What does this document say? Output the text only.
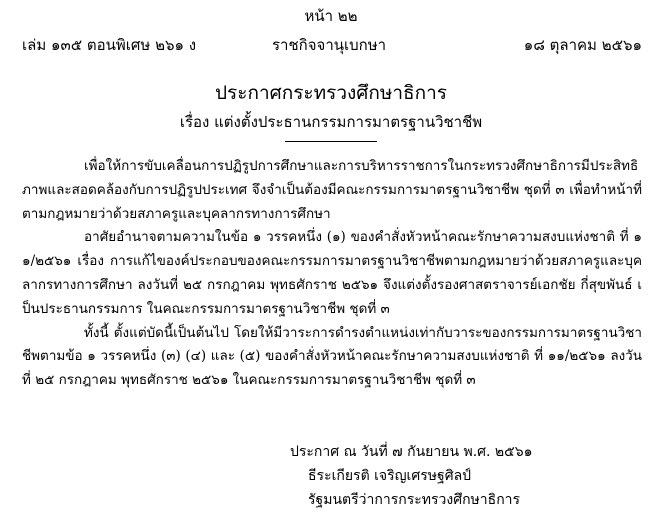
หน้า ๒๒
เล่ม ๑๓๕ ตอนพิเศษ ๒๖๑ ง	ราชกิจจานุเบกษา	๑๘ ตุลาคม ๒๕๖๑
ประกาศกระทรวงศึกษาธิการ
เรื่อง แต่งตั้งประธานกรรมการมาตรฐานวิชาชีพ

เพื่อให้การขับเคลื่อนการปฏิรูปการศึกษาและการบริหารราชการในกระทรวงศึกษาธิการมีประสิทธิภาพและสอดคล้องกับการปฏิรูปประเทศ จึงจำเป็นต้องมีคณะกรรมการมาตรฐานวิชาชีพ ชุดที่ ๓ เพื่อทำหน้าที่ตามกฎหมายว่าด้วยสภาครูและบุคลากรทางการศึกษา

อาศัยอำนาจตามความในข้อ ๑ วรรคหนึ่ง (๑) ของคำสั่งหัวหน้าคณะรักษาความสงบแห่งชาติ ที่ ๑๑/๒๕๖๑ เรื่อง การแก้ไของค์ประกอบของคณะกรรมการมาตรฐานวิชาชีพตามกฎหมายว่าด้วยสภาครูและบุคลากรทางการศึกษา ลงวันที่ ๒๕ กรกฎาคม พุทธศักราช ๒๕๖๑ จึงแต่งตั้งรองศาสตราจารย์เอกชัย กี่สุขพันธ์ เป็นประธานกรรมการ ในคณะกรรมการมาตรฐานวิชาชีพ ชุดที่ ๓

ทั้งนี้ ตั้งแต่บัดนี้เป็นต้นไป โดยให้มีวาระการดำรงตำแหน่งเท่ากับวาระของกรรมการมาตรฐานวิชาชีพตามข้อ ๑ วรรคหนึ่ง (๓) (๔) และ (๕) ของคำสั่งหัวหน้าคณะรักษาความสงบแห่งชาติ ที่ ๑๑/๒๕๖๑ ลงวันที่ ๒๕ กรกฎาคม พุทธศักราช ๒๕๖๑ ในคณะกรรมการมาตรฐานวิชาชีพ ชุดที่ ๓

ประกาศ ณ วันที่ ๗ กันยายน พ.ศ. ๒๕๖๑
ธีระเกียรติ เจริญเศรษฐศิลป์
รัฐมนตรีว่าการกระทรวงศึกษาธิการ
